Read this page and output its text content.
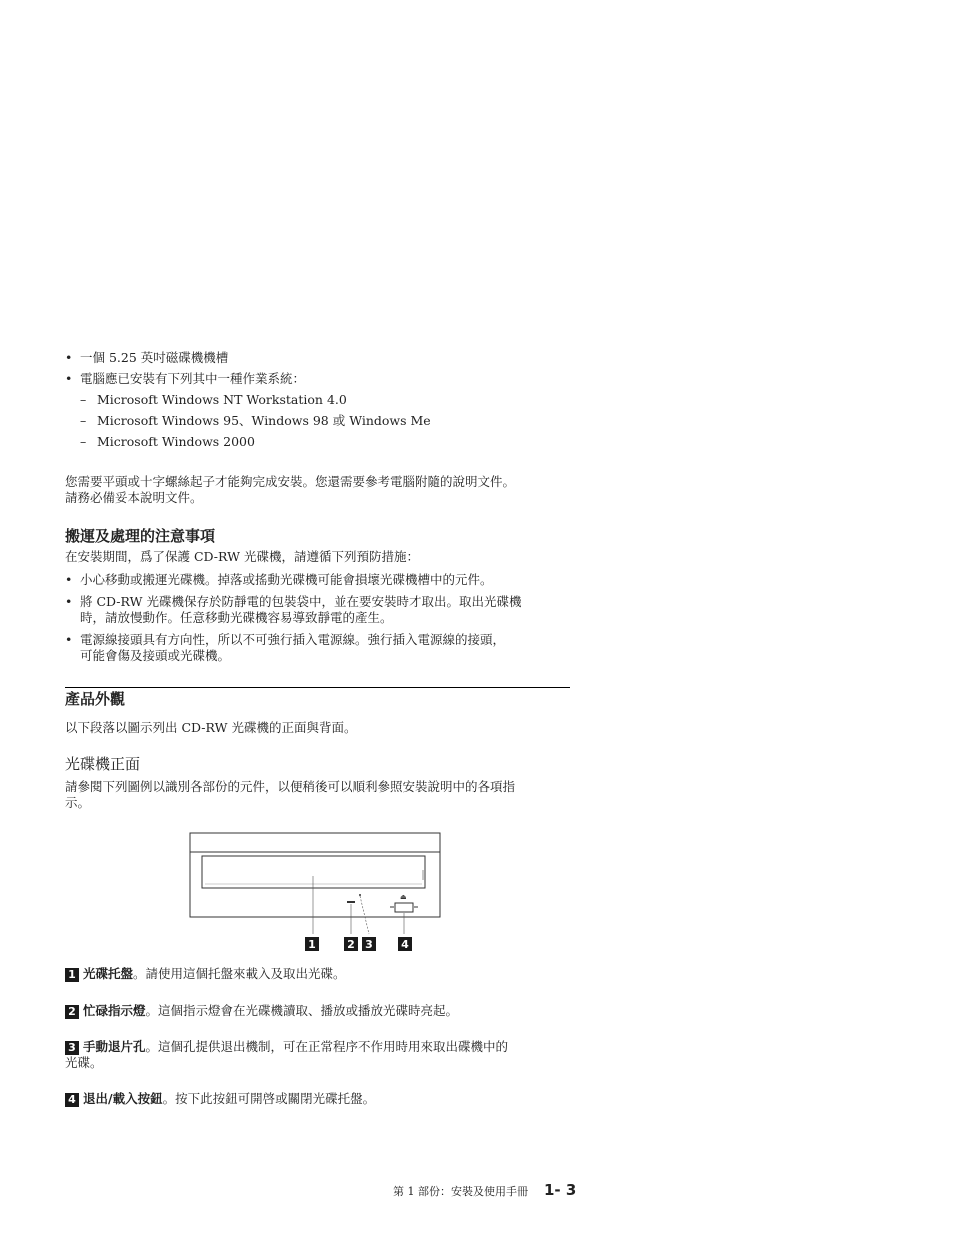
• 一個 5.25 英吋磁碟機機槽

• 電腦應已安裝有下列其中一種作業系統：

– Microsoft Windows NT Workstation 4.0

– Microsoft Windows 95、Windows 98 或 Windows Me

– Microsoft Windows 2000

您需要平頭或十字螺絲起子才能夠完成安裝。您還需要參考電腦附隨的說明文件。
請務必備妥本說明文件。
搬運及處理的注意事項
在安裝期間，爲了保護 CD-RW 光碟機，請遵循下列預防措施：

• 小心移動或搬運光碟機。掉落或搖動光碟機可能會損壞光碟機槽中的元件。

• 將 CD-RW 光碟機保存於防靜電的包裝袋中，並在要安裝時才取出。取出光碟機
時，請放慢動作。任意移動光碟機容易導致靜電的產生。
• 電源線接頭具有方向性，所以不可強行插入電源線。強行插入電源線的接頭，
可能會傷及接頭或光碟機。
產品外觀
以下段落以圖示列出 CD-RW 光碟機的正面與背面。
光碟機正面
請參閱下列圖例以識別各部份的元件，以便稍後可以順利參照安裝說明中的各項指
示。
⏏
1	2 3	4
1 光碟托盤。請使用這個托盤來載入及取出光碟。
2 忙碌指示燈。這個指示燈會在光碟機讀取、播放或播放光碟時亮起。
3 手動退片孔。這個孔提供退出機制，可在正常程序不作用時用來取出碟機中的
光碟。
4 退出/載入按鈕。按下此按鈕可開啓或關閉光碟托盤。
第 1 部份：安裝及使用手冊 1- 3
